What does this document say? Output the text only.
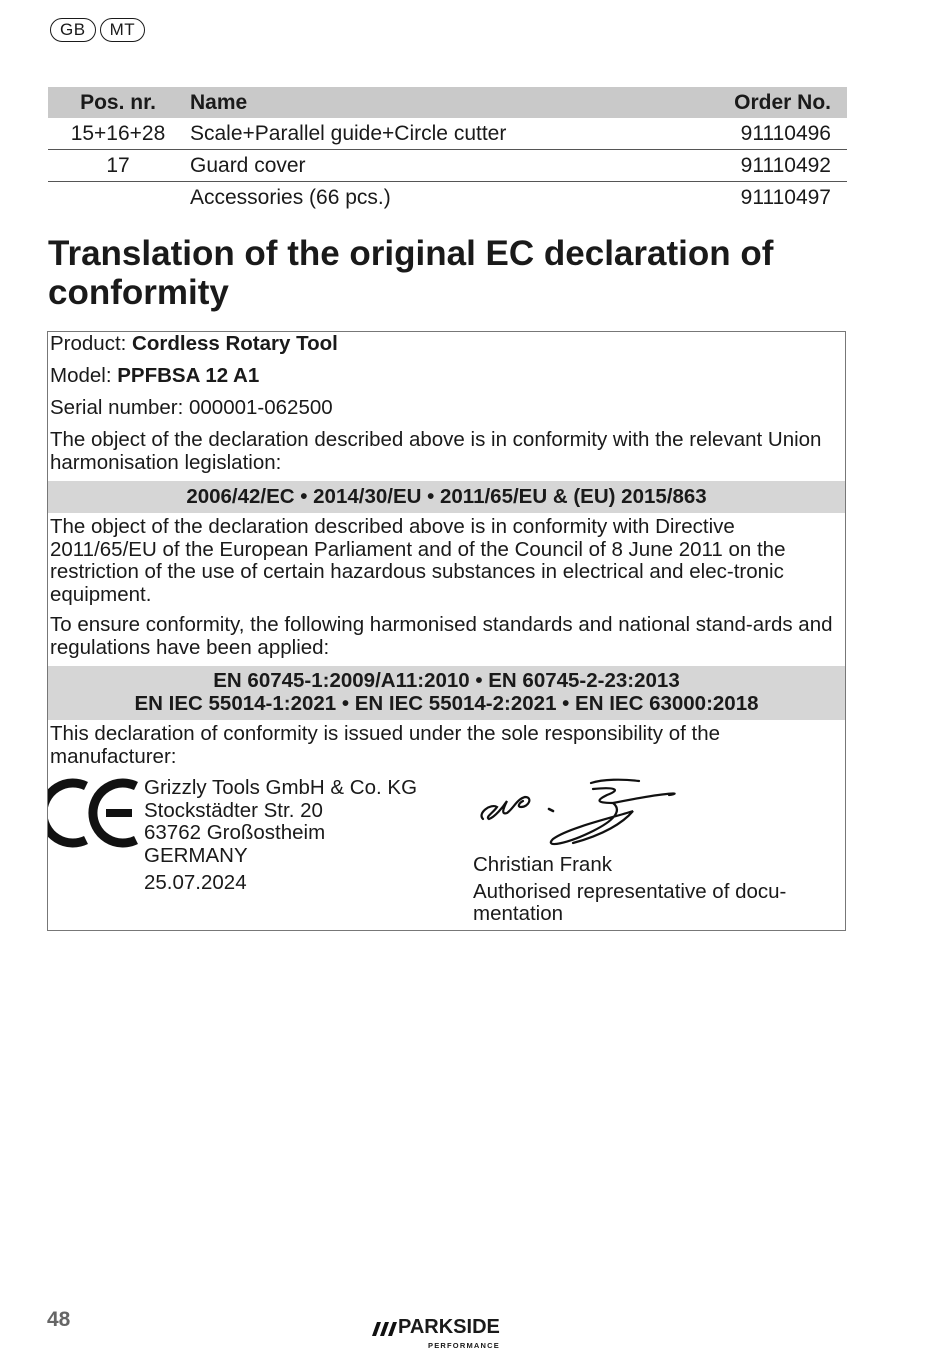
GB	MT
Pos. nr.	Name	Order No.
15+16+28	Scale+Parallel guide+Circle cutter	91110496
17	Guard cover	91110492
	Accessories (66 pcs.)	91110497
Translation of the original EC declaration of conformity

Product: Cordless Rotary Tool

Model: PPFBSA 12 A1

Serial number: 000001-062500

The object of the declaration described above is in conformity with the relevant Union harmonisation legislation:

2006/42/EC • 2014/30/EU • 2011/65/EU & (EU) 2015/863

The object of the declaration described above is in conformity with Directive 2011/65/EU of the European Parliament and of the Council of 8 June 2011 on the restriction of the use of certain hazardous substances in electrical and elec-tronic equipment.

To ensure conformity, the following harmonised standards and national stand-ards and regulations have been applied:

EN 60745-1:2009/A11:2010 • EN 60745-2-23:2013
EN IEC 55014-1:2021 • EN IEC 55014-2:2021 • EN IEC 63000:2018

This declaration of conformity is issued under the sole responsibility of the manufacturer:

Grizzly Tools GmbH & Co. KG
Stockstädter Str. 20
63762 Großostheim
GERMANY
25.07.2024
Christian Frank
Authorised representative of docu-mentation
48	PARKSIDE
PERFORMANCE
